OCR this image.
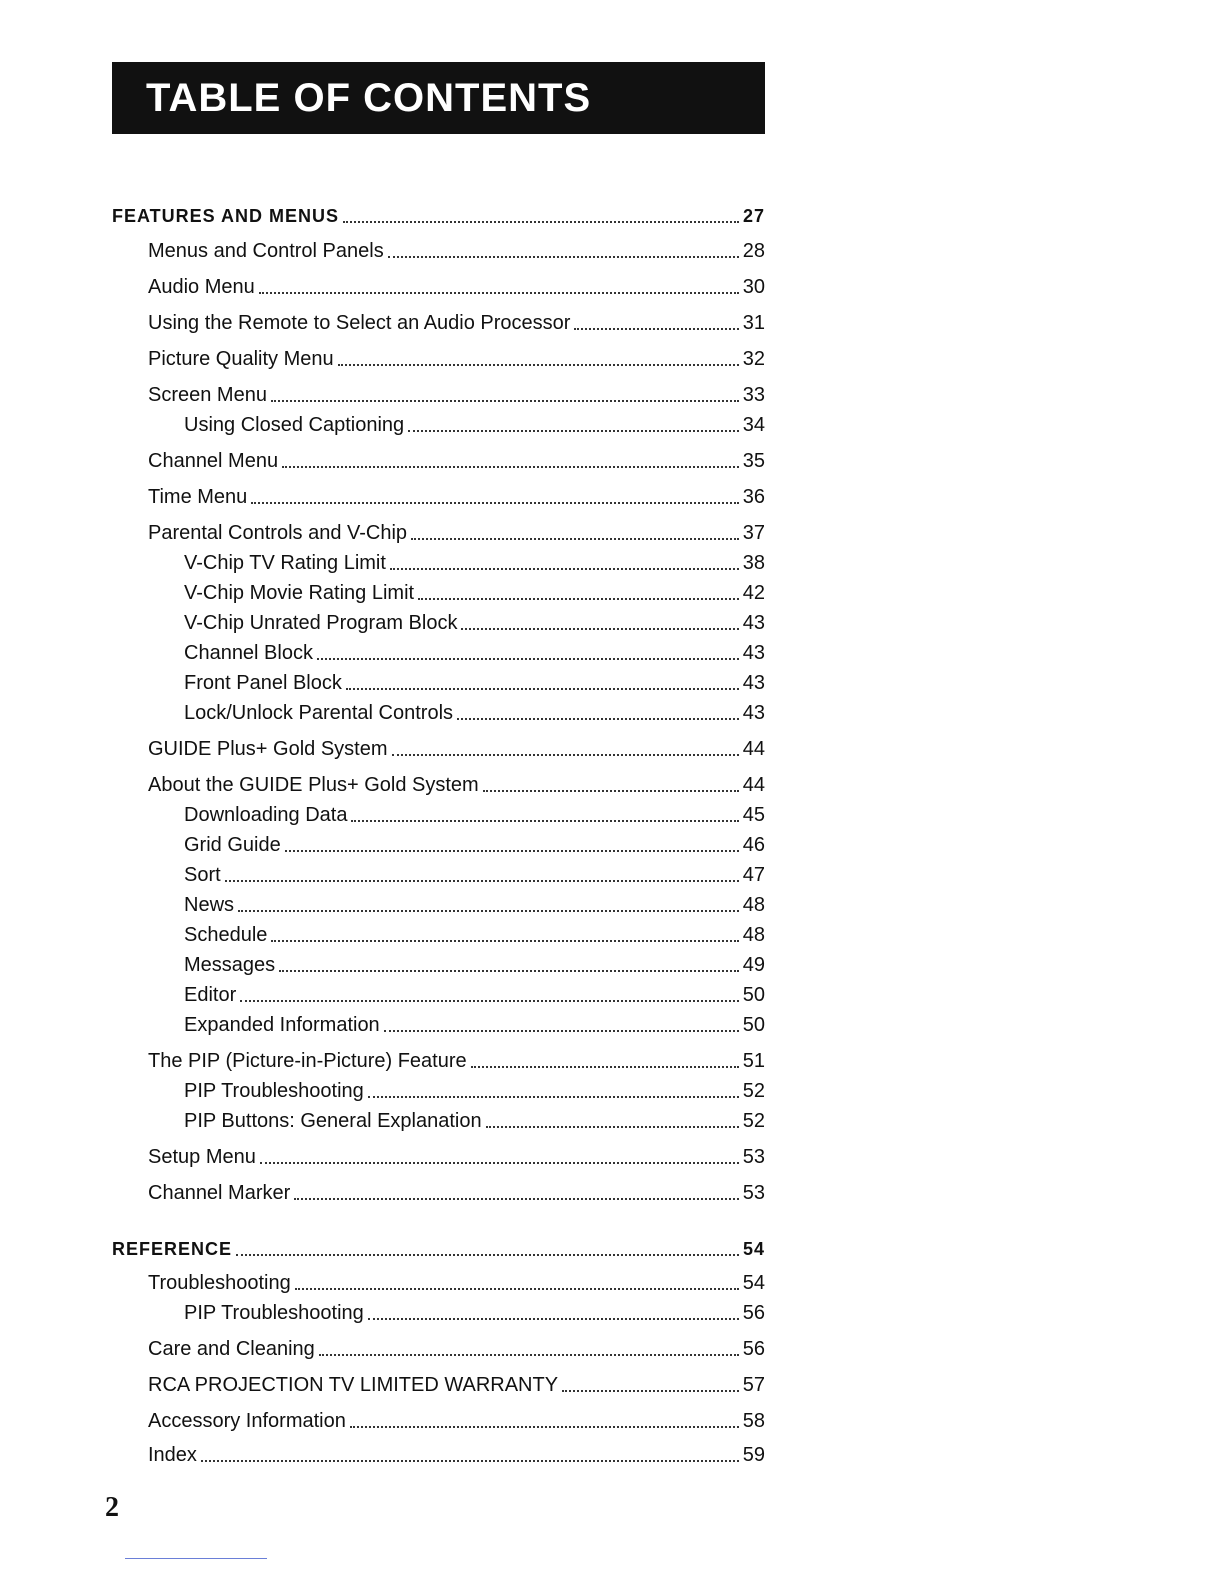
TABLE OF CONTENTS
FEATURES AND MENUS	27
Menus and Control Panels	28
Audio Menu	30
Using the Remote to Select an Audio Processor	31
Picture Quality Menu	32
Screen Menu	33
Using Closed Captioning	34
Channel Menu	35
Time Menu	36
Parental Controls and V-Chip	37
V-Chip TV Rating Limit	38
V-Chip Movie Rating Limit	42
V-Chip Unrated Program Block	43
Channel Block	43
Front Panel Block	43
Lock/Unlock Parental Controls	43
GUIDE Plus+ Gold System	44
About the GUIDE Plus+ Gold System	44
Downloading Data	45
Grid Guide	46
Sort	47
News	48
Schedule	48
Messages	49
Editor	50
Expanded Information	50
The PIP (Picture-in-Picture) Feature	51
PIP Troubleshooting	52
PIP Buttons: General Explanation	52
Setup Menu	53
Channel Marker	53
REFERENCE	54
Troubleshooting	54
PIP Troubleshooting	56
Care and Cleaning	56
RCA PROJECTION TV LIMITED WARRANTY	57
Accessory Information	58
Index	59
2
